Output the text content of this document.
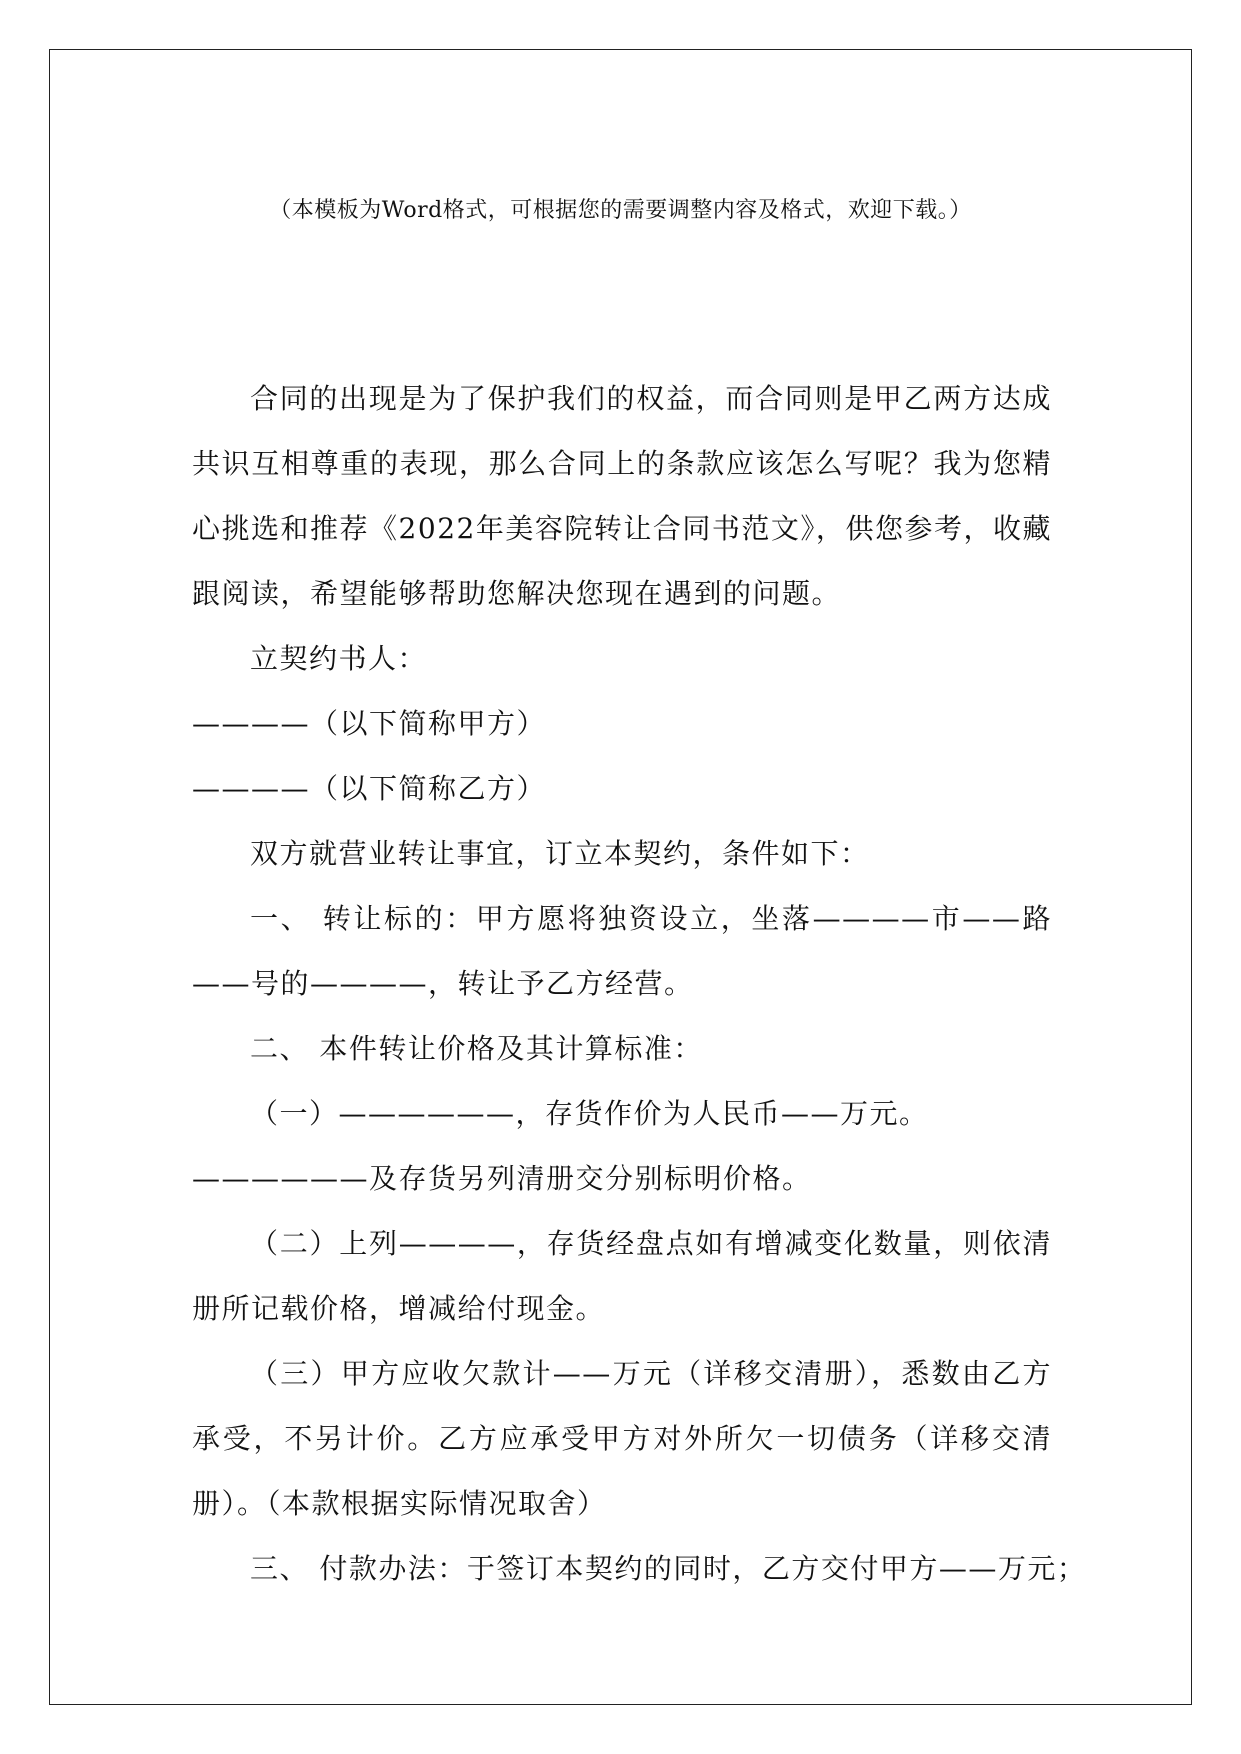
（本模板为Word格式，可根据您的需要调整内容及格式，欢迎下载。）

合同的出现是为了保护我们的权益，而合同则是甲乙两方达成共识互相尊重的表现，那么合同上的条款应该怎么写呢？我为您精心挑选和推荐《2022年美容院转让合同书范文》，供您参考，收藏跟阅读，希望能够帮助您解决您现在遇到的问题。

立契约书人：

————（以下简称甲方）

————（以下简称乙方）

双方就营业转让事宜，订立本契约，条件如下：

一、 转让标的：甲方愿将独资设立，坐落————市——路——号的————，转让予乙方经营。

二、 本件转让价格及其计算标准：

（一）——————，存货作价为人民币——万元。

——————及存货另列清册交分别标明价格。

（二）上列————，存货经盘点如有增减变化数量，则依清册所记载价格，增减给付现金。

（三）甲方应收欠款计——万元（详移交清册），悉数由乙方承受，不另计价。乙方应承受甲方对外所欠一切债务（详移交清册）。（本款根据实际情况取舍）

三、 付款办法：于签订本契约的同时，乙方交付甲方——万元；
